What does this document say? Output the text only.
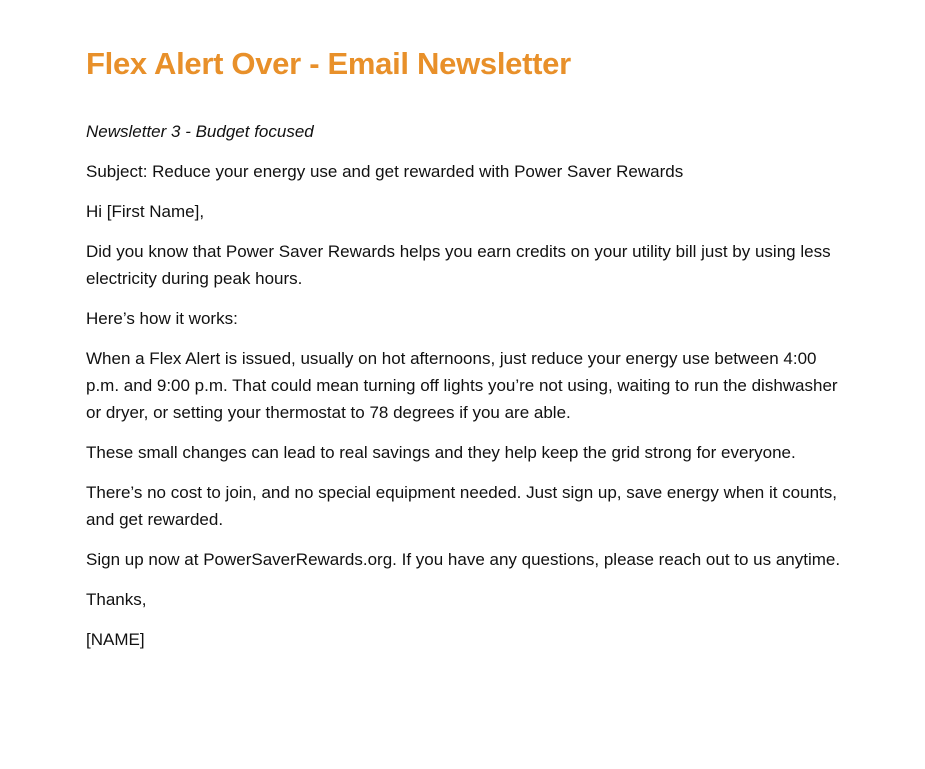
Flex Alert Over - Email Newsletter

Newsletter 3 - Budget focused

Subject: Reduce your energy use and get rewarded with Power Saver Rewards

Hi [First Name],

Did you know that Power Saver Rewards helps you earn credits on your utility bill just by using less electricity during peak hours.

Here’s how it works:

When a Flex Alert is issued, usually on hot afternoons, just reduce your energy use between 4:00 p.m. and 9:00 p.m. That could mean turning off lights you’re not using, waiting to run the dishwasher or dryer, or setting your thermostat to 78 degrees if you are able.

These small changes can lead to real savings and they help keep the grid strong for everyone.

There’s no cost to join, and no special equipment needed. Just sign up, save energy when it counts, and get rewarded.

Sign up now at PowerSaverRewards.org. If you have any questions, please reach out to us anytime.

Thanks,

[NAME]
